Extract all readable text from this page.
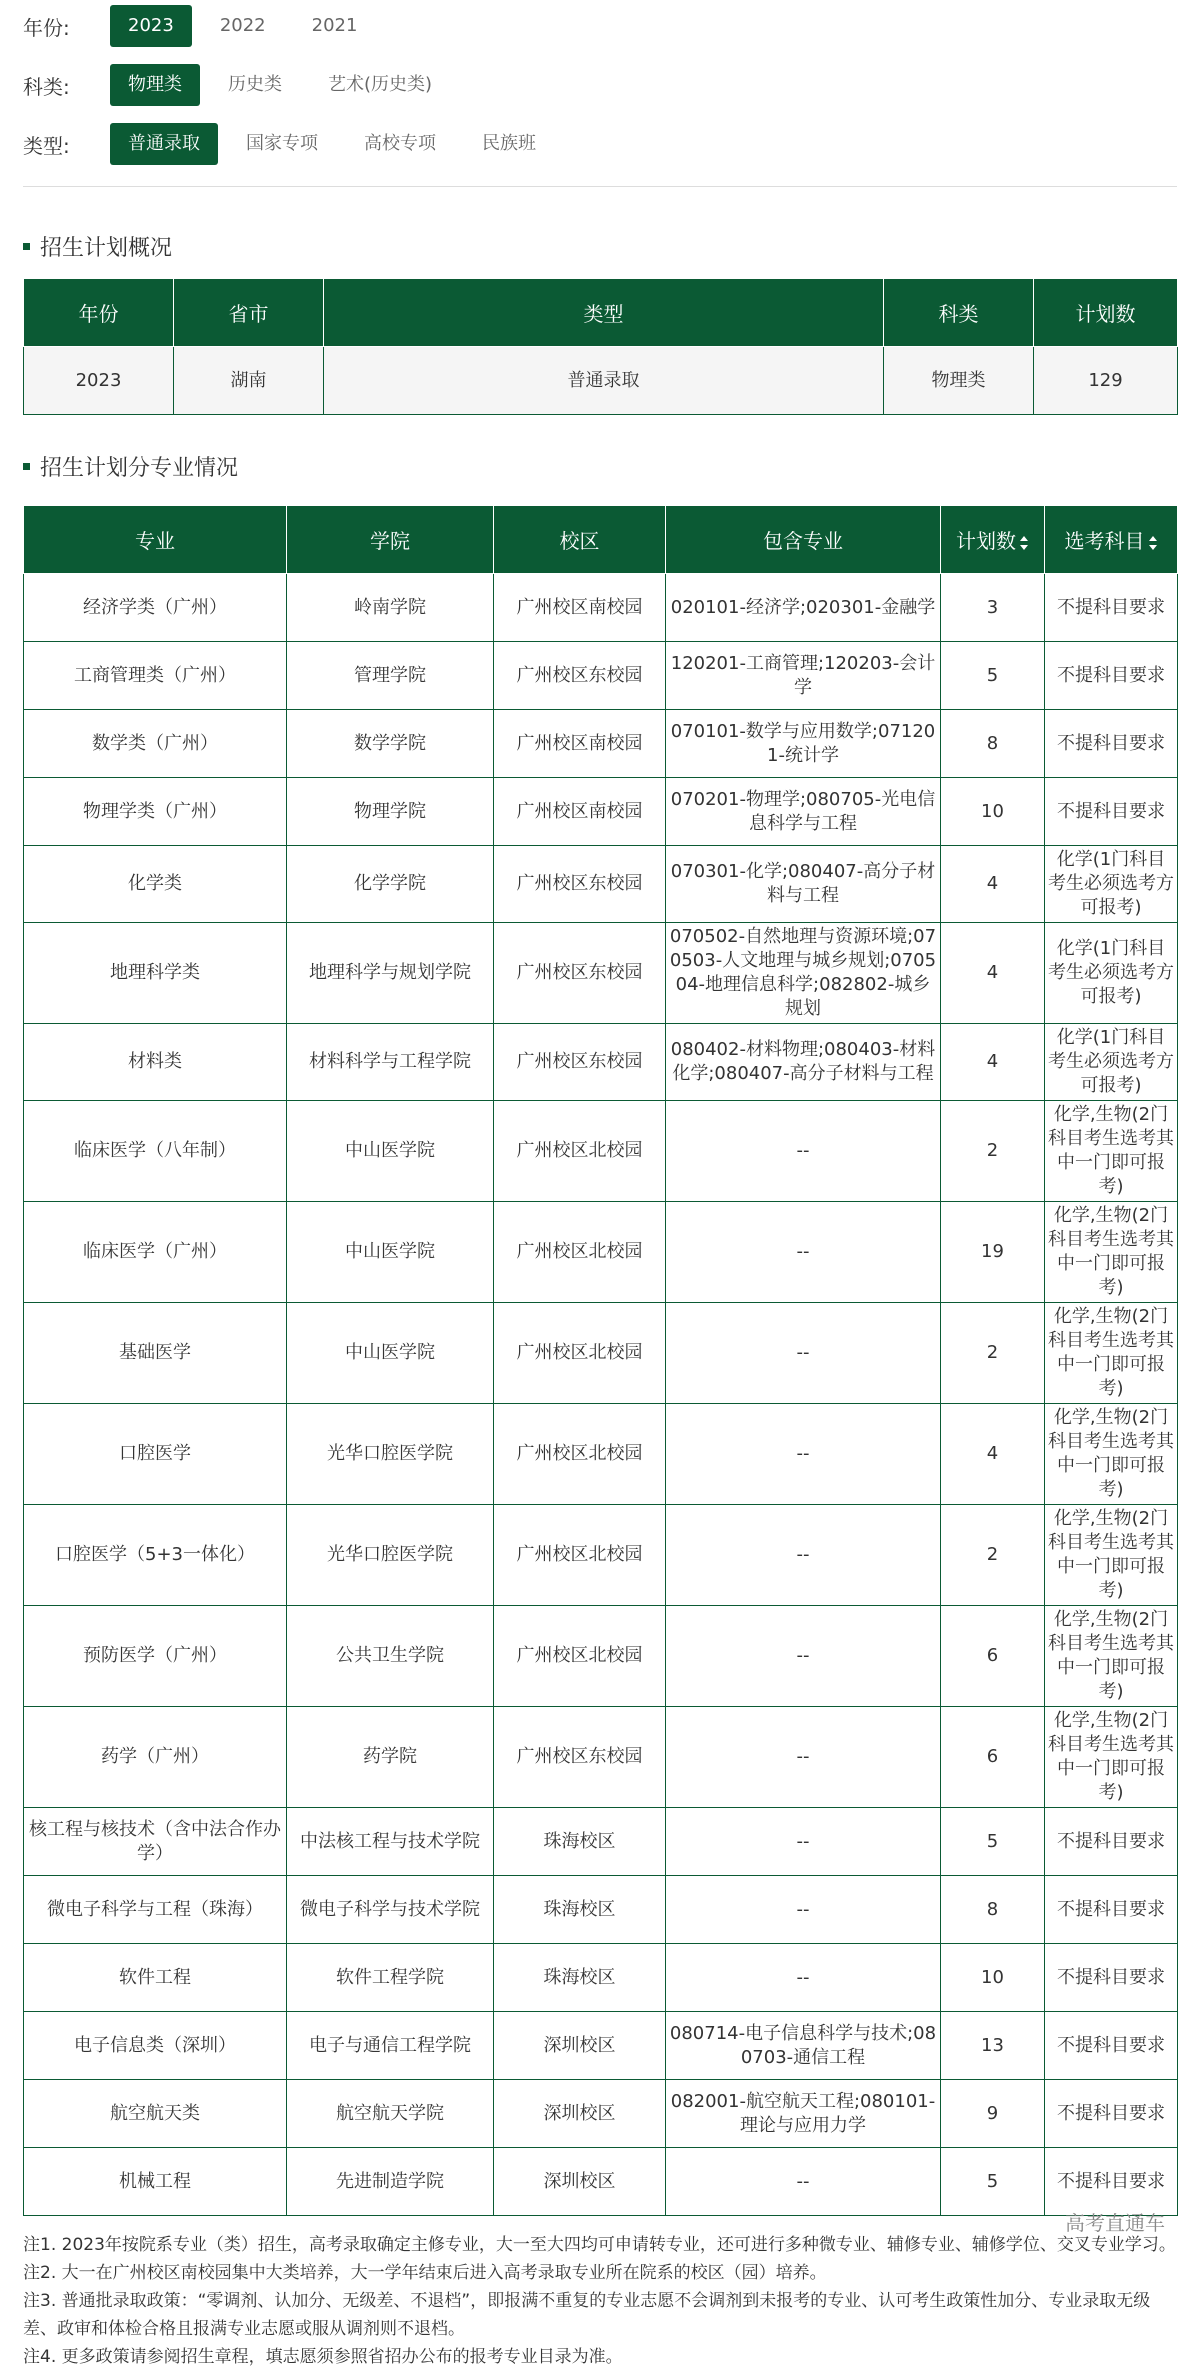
年份:	2023	2022	2021
科类:	物理类	历史类	艺术(历史类)
类型:	普通录取	国家专项	高校专项	民族班
招生计划概况
年份	省市	类型	科类	计划数
2023	湖南	普通录取	物理类	129
招生计划分专业情况
专业	学院	校区	包含专业	计划数	选考科目

经济学类（广州）	岭南学院	广州校区南校园	020101-经济学;020301-金融学	3	不提科目要求
工商管理类（广州）	管理学院	广州校区东校园	120201-工商管理;120203-会计学	5	不提科目要求
数学类（广州）	数学学院	广州校区南校园	070101-数学与应用数学;071201-统计学	8	不提科目要求
物理学类（广州）	物理学院	广州校区南校园	070201-物理学;080705-光电信息科学与工程	10	不提科目要求
化学类	化学学院	广州校区东校园	070301-化学;080407-高分子材料与工程	4	化学(1门科目考生必须选考方可报考)
地理科学类	地理科学与规划学院	广州校区东校园	070502-自然地理与资源环境;070503-人文地理与城乡规划;070504-地理信息科学;082802-城乡规划	4	化学(1门科目考生必须选考方可报考)
材料类	材料科学与工程学院	广州校区东校园	080402-材料物理;080403-材料化学;080407-高分子材料与工程	4	化学(1门科目考生必须选考方可报考)
临床医学（八年制）	中山医学院	广州校区北校园	--	2	化学,生物(2门科目考生选考其中一门即可报考)
临床医学（广州）	中山医学院	广州校区北校园	--	19	化学,生物(2门科目考生选考其中一门即可报考)
基础医学	中山医学院	广州校区北校园	--	2	化学,生物(2门科目考生选考其中一门即可报考)
口腔医学	光华口腔医学院	广州校区北校园	--	4	化学,生物(2门科目考生选考其中一门即可报考)
口腔医学（5+3一体化）	光华口腔医学院	广州校区北校园	--	2	化学,生物(2门科目考生选考其中一门即可报考)
预防医学（广州）	公共卫生学院	广州校区北校园	--	6	化学,生物(2门科目考生选考其中一门即可报考)
药学（广州）	药学院	广州校区东校园	--	6	化学,生物(2门科目考生选考其中一门即可报考)
核工程与核技术（含中法合作办学）	中法核工程与技术学院	珠海校区	--	5	不提科目要求
微电子科学与工程（珠海）	微电子科学与技术学院	珠海校区	--	8	不提科目要求
软件工程	软件工程学院	珠海校区	--	10	不提科目要求
电子信息类（深圳）	电子与通信工程学院	深圳校区	080714-电子信息科学与技术;080703-通信工程	13	不提科目要求
航空航天类	航空航天学院	深圳校区	082001-航空航天工程;080101-理论与应用力学	9	不提科目要求
机械工程	先进制造学院	深圳校区	--	5	不提科目要求

注1. 2023年按院系专业（类）招生，高考录取确定主修专业，大一至大四均可申请转专业，还可进行多种微专业、辅修专业、辅修学位、交叉专业学习。

注2. 大一在广州校区南校园集中大类培养，大一学年结束后进入高考录取专业所在院系的校区（园）培养。

注3. 普通批录取政策：“零调剂、认加分、无级差、不退档”，即报满不重复的专业志愿不会调剂到未报考的专业、认可考生政策性加分、专业录取无级差、政审和体检合格且报满专业志愿或服从调剂则不退档。

注4. 更多政策请参阅招生章程，填志愿须参照省招办公布的报考专业目录为准。

高考直通车
